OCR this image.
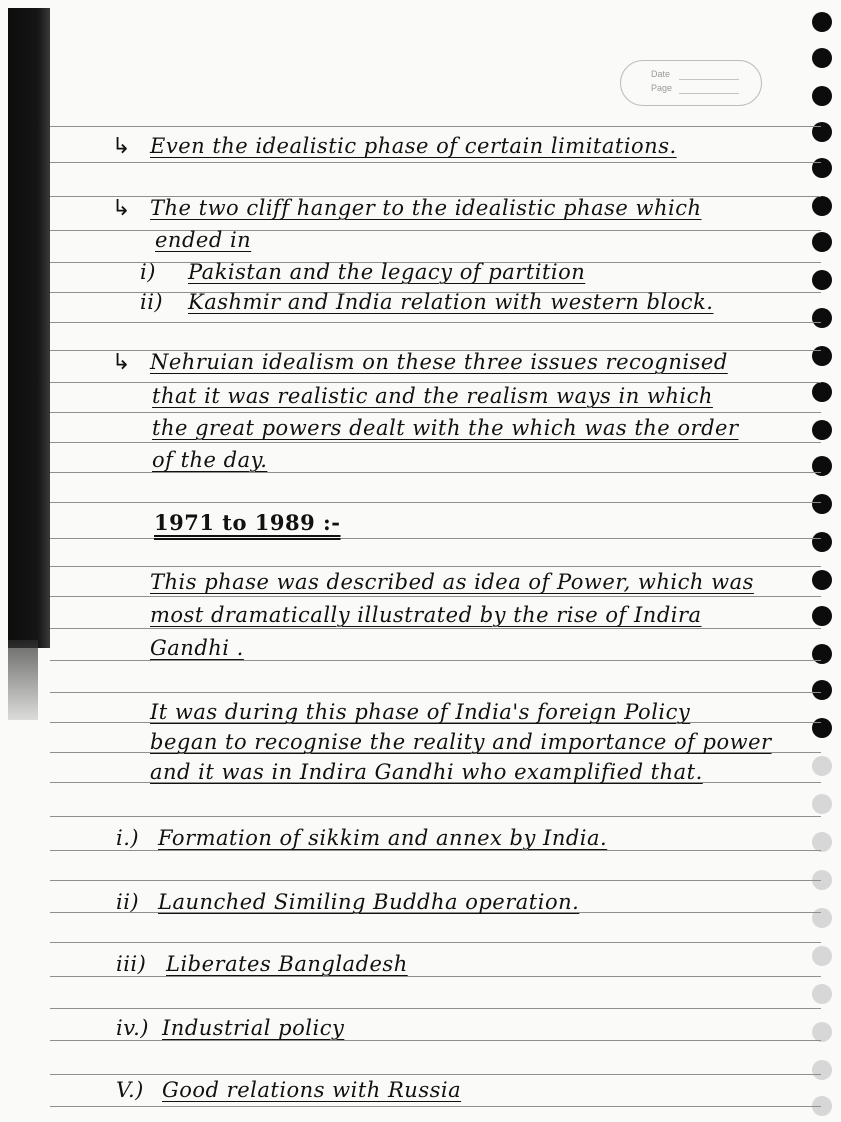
Date
Page
↳ Even the idealistic phase of certain limitations.
↳ The two cliff hanger to the idealistic phase which
ended in
i) Pakistan and the legacy of partition
ii) Kashmir and India relation with western block.
↳ Nehruian idealism on these three issues recognised
that it was realistic and the realism ways in which
the great powers dealt with the which was the order
of the day.
1971 to 1989 :-
This phase was described as idea of Power, which was
most dramatically illustrated by the rise of Indira
Gandhi .
It was during this phase of India's foreign Policy
began to recognise the reality and importance of power
and it was in Indira Gandhi who examplified that.
i.) Formation of sikkim and annex by India.
ii) Launched Similing Buddha operation.
iii) Liberates Bangladesh
iv.) Industrial policy
V.) Good relations with Russia
